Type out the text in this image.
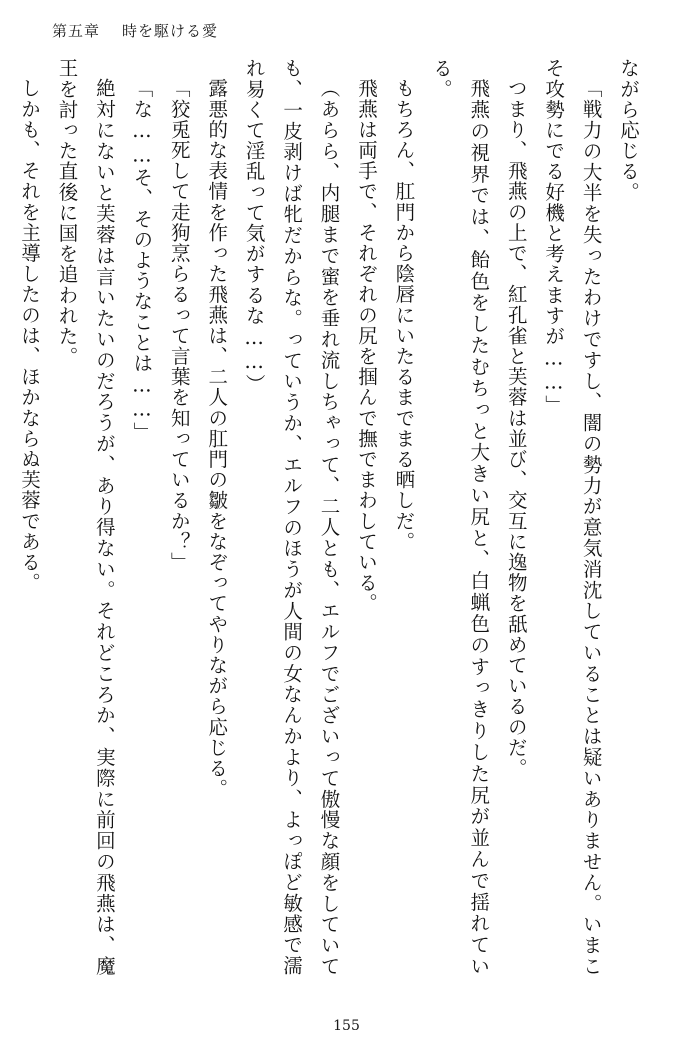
第五章 時を駆ける愛

ながら応じる。

「戦力の大半を失ったわけですし、闇の勢力が意気消沈していることは疑いありません。いまこそ攻勢にでる好機と考えますが……」

つまり、飛燕の上で、紅孔雀と芙蓉は並び、交互に逸物を舐めているのだ。

飛燕の視界では、飴色をしたむちっと大きい尻と、白蝋色のすっきりした尻が並んで揺れている。

もちろん、肛門から陰唇にいたるまでまる晒しだ。

飛燕は両手で、それぞれの尻を掴んで撫でまわしている。

（あらら、内腿まで蜜を垂れ流しちゃって、二人とも、エルフでございって傲慢な顔をしていても、一皮剥けば牝だからな。っていうか、エルフのほうが人間の女なんかより、よっぽど敏感で濡れ易くて淫乱って気がするな……）

露悪的な表情を作った飛燕は、二人の肛門の皺をなぞってやりながら応じる。

「狡兎死して走狗烹らるって言葉を知っているか？」

「な……そ、そのようなことは……」

絶対にないと芙蓉は言いたいのだろうが、あり得ない。それどころか、実際に前回の飛燕は、魔王を討った直後に国を追われた。

しかも、それを主導したのは、ほかならぬ芙蓉である。

155
